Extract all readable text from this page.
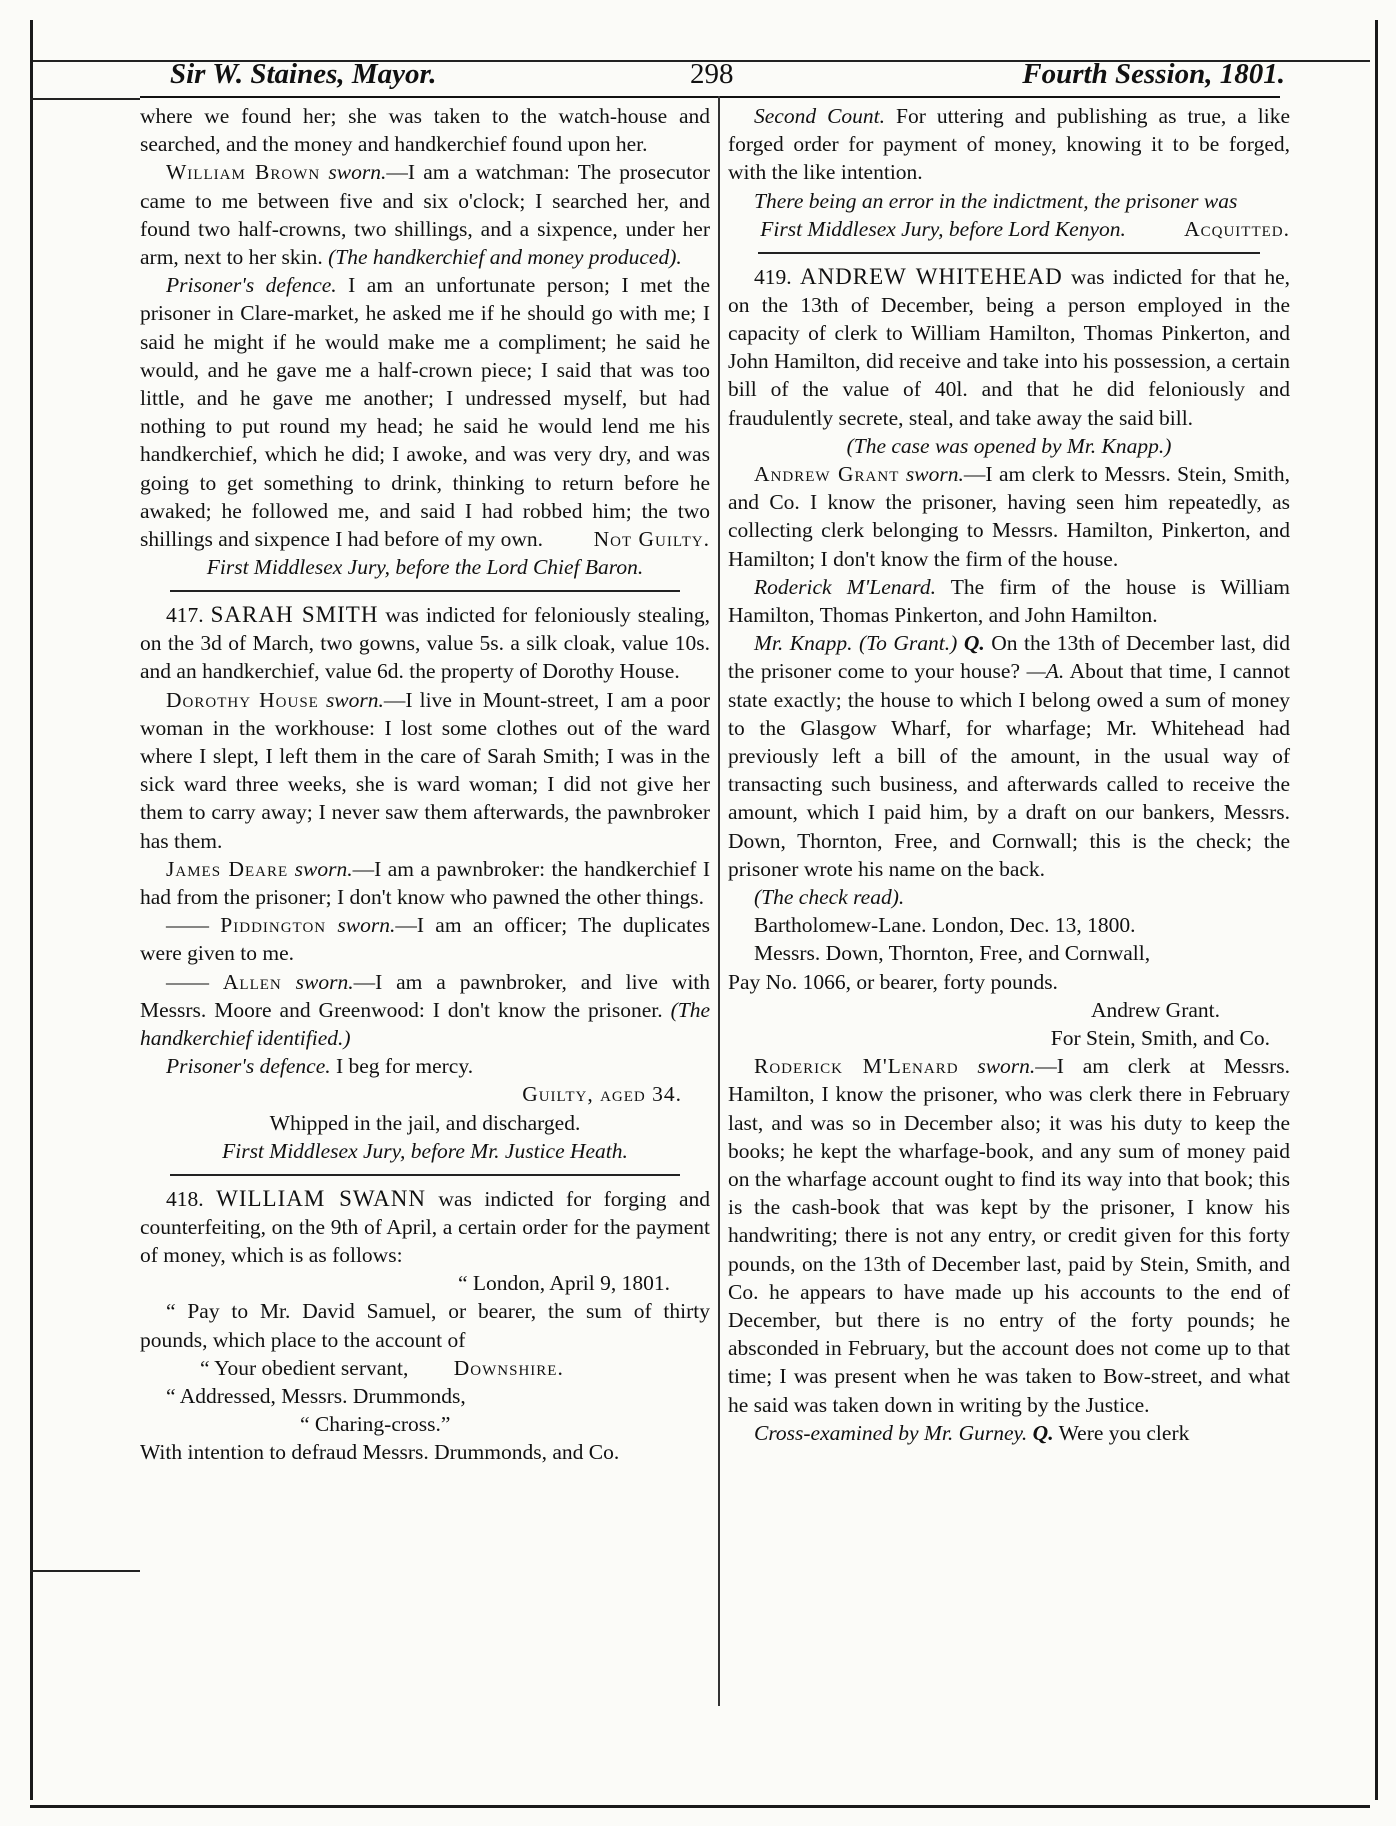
Sir W. Staines, Mayor.	298	Fourth Session, 1801.

where we found her; she was taken to the watch-house and searched, and the money and handkerchief found upon her.

William Brown sworn.—I am a watchman: The prosecutor came to me between five and six o'clock; I searched her, and found two half-crowns, two shillings, and a sixpence, under her arm, next to her skin. (The handkerchief and money produced).

Prisoner's defence. I am an unfortunate person; I met the prisoner in Clare-market, he asked me if he should go with me; I said he might if he would make me a compliment; he said he would, and he gave me a half-crown piece; I said that was too little, and he gave me another; I undressed myself, but had nothing to put round my head; he said he would lend me his handkerchief, which he did; I awoke, and was very dry, and was going to get something to drink, thinking to return before he awaked; he followed me, and said I had robbed him; the two shillings and sixpence I had before of my own.	Not Guilty.

First Middlesex Jury, before the Lord Chief Baron.

417. SARAH SMITH was indicted for feloniously stealing, on the 3d of March, two gowns, value 5s. a silk cloak, value 10s. and an handkerchief, value 6d. the property of Dorothy House.

Dorothy House sworn.—I live in Mount-street, I am a poor woman in the workhouse: I lost some clothes out of the ward where I slept, I left them in the care of Sarah Smith; I was in the sick ward three weeks, she is ward woman; I did not give her them to carry away; I never saw them afterwards, the pawnbroker has them.

James Deare sworn.—I am a pawnbroker: the handkerchief I had from the prisoner; I don't know who pawned the other things.

—— Piddington sworn.—I am an officer; The duplicates were given to me.

—— Allen sworn.—I am a pawnbroker, and live with Messrs. Moore and Greenwood: I don't know the prisoner. (The handkerchief identified.)

Prisoner's defence. I beg for mercy.

Guilty, aged 34.

Whipped in the jail, and discharged.

First Middlesex Jury, before Mr. Justice Heath.

418. WILLIAM SWANN was indicted for forging and counterfeiting, on the 9th of April, a certain order for the payment of money, which is as follows:

“ London, April 9, 1801.

“ Pay to Mr. David Samuel, or bearer, the sum of thirty pounds, which place to the account of

“ Your obedient servant, Downshire.

“ Addressed, Messrs. Drummonds,

“ Charing-cross.”

With intention to defraud Messrs. Drummonds, and Co.

Second Count. For uttering and publishing as true, a like forged order for payment of money, knowing it to be forged, with the like intention.

There being an error in the indictment, the prisoner was
Acquitted.

First Middlesex Jury, before Lord Kenyon.

419. ANDREW WHITEHEAD was indicted for that he, on the 13th of December, being a person employed in the capacity of clerk to William Hamilton, Thomas Pinkerton, and John Hamilton, did receive and take into his possession, a certain bill of the value of 40l. and that he did feloniously and fraudulently secrete, steal, and take away the said bill.

(The case was opened by Mr. Knapp.)

Andrew Grant sworn.—I am clerk to Messrs. Stein, Smith, and Co. I know the prisoner, having seen him repeatedly, as collecting clerk belonging to Messrs. Hamilton, Pinkerton, and Hamilton; I don't know the firm of the house.

Roderick M'Lenard. The firm of the house is William Hamilton, Thomas Pinkerton, and John Hamilton.

Mr. Knapp. (To Grant.) Q. On the 13th of December last, did the prisoner come to your house? —A. About that time, I cannot state exactly; the house to which I belong owed a sum of money to the Glasgow Wharf, for wharfage; Mr. Whitehead had previously left a bill of the amount, in the usual way of transacting such business, and afterwards called to receive the amount, which I paid him, by a draft on our bankers, Messrs. Down, Thornton, Free, and Cornwall; this is the check; the prisoner wrote his name on the back.

(The check read).

Bartholomew-Lane. London, Dec. 13, 1800.

Messrs. Down, Thornton, Free, and Cornwall,

Pay No. 1066, or bearer, forty pounds.

Andrew Grant.

For Stein, Smith, and Co.

Roderick M'Lenard sworn.—I am clerk at Messrs. Hamilton, I know the prisoner, who was clerk there in February last, and was so in December also; it was his duty to keep the books; he kept the wharfage-book, and any sum of money paid on the wharfage account ought to find its way into that book; this is the cash-book that was kept by the prisoner, I know his handwriting; there is not any entry, or credit given for this forty pounds, on the 13th of December last, paid by Stein, Smith, and Co. he appears to have made up his accounts to the end of December, but there is no entry of the forty pounds; he absconded in February, but the account does not come up to that time; I was present when he was taken to Bow-street, and what he said was taken down in writing by the Justice.

Cross-examined by Mr. Gurney. Q. Were you clerk
